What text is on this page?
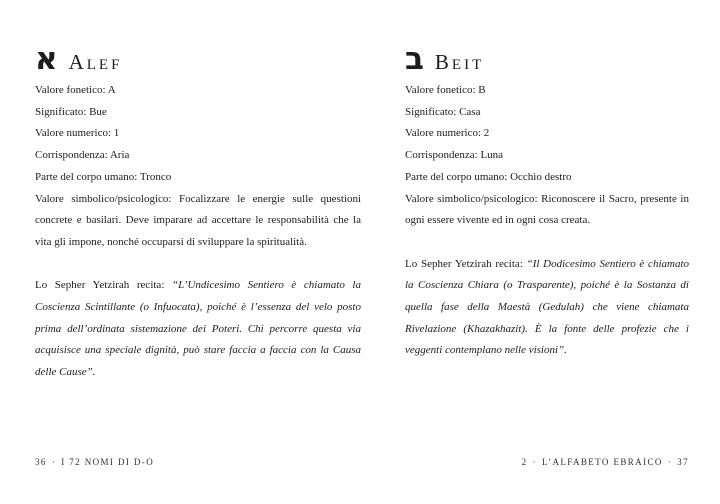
א Alef
Valore fonetico: A
Significato: Bue
Valore numerico: 1
Corrispondenza: Aria
Parte del corpo umano: Tronco

Valore simbolico/psicologico: Focalizzare le energie sulle questioni concrete e basilari. Deve imparare ad accettare le responsabilità che la vita gli impone, nonché occuparsi di sviluppare la spiritualità.

Lo Sepher Yetzirah recita: “L’Undicesimo Sentiero è chiamato la Coscienza Scintillante (o Infuocata), poiché è l’essenza del velo posto prima dell’ordinata sistemazione dei Poteri. Chi percorre questa via acquisisce una speciale dignità, può stare faccia a faccia con la Causa delle Cause”.

36 · I 72 NOMI DI D-O
ב Beit
Valore fonetico: B
Significato: Casa
Valore numerico: 2
Corrispondenza: Luna
Parte del corpo umano: Occhio destro

Valore simbolico/psicologico: Riconoscere il Sacro, presente in ogni essere vivente ed in ogni cosa creata.

Lo Sepher Yetzirah recita: “Il Dodicesimo Sentiero è chiamato la Coscienza Chiara (o Trasparente), poiché è la Sostanza di quella fase della Maestà (Gedulah) che viene chiamata Rivelazione (Khazakhazit). È la fonte delle profezie che i veggenti contemplano nelle visioni”.

2 · L’ALFABETO EBRAICO · 37
